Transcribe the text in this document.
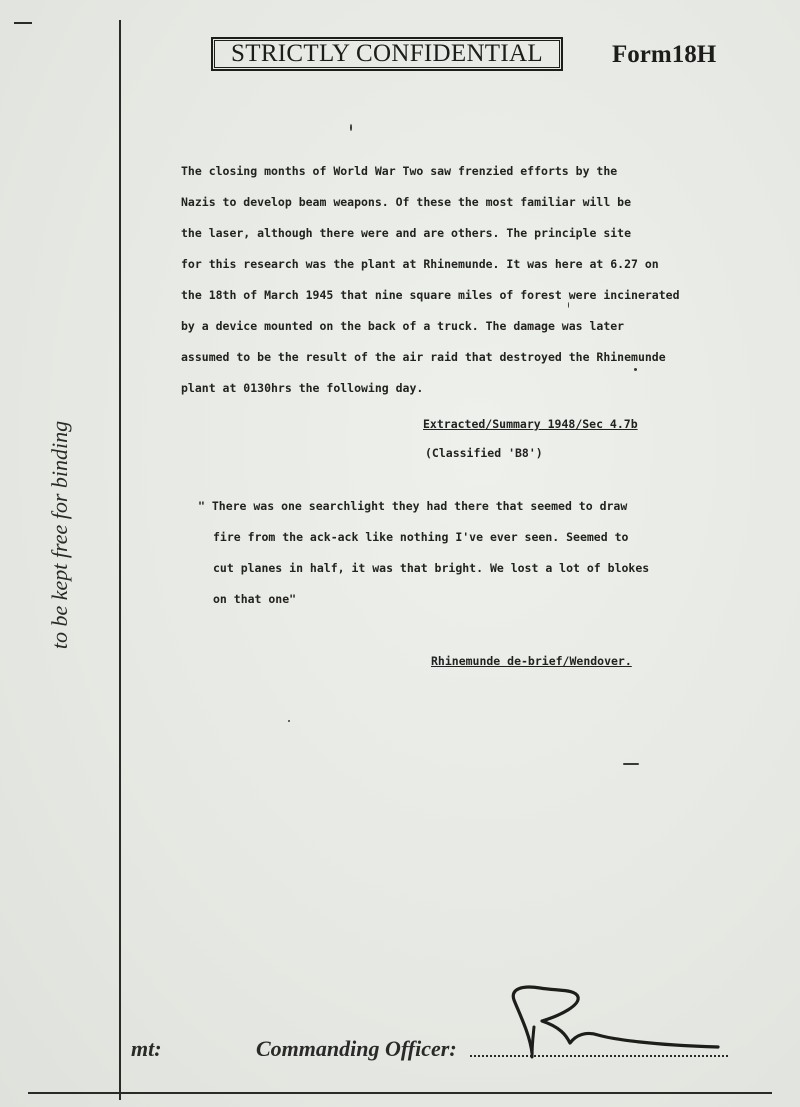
to be kept free for binding
STRICTLY CONFIDENTIAL	Form18H
The closing months of World War Two saw frenzied efforts by the
Nazis to develop beam weapons. Of these the most familiar will be
the laser, although there were and are others. The principle site
for this research was the plant at Rhinemunde. It was here at 6.27 on
the 18th of March 1945 that nine square miles of forest were incinerated
by a device mounted on the back of a truck. The damage was later
assumed to be the result of the air raid that destroyed the Rhinemunde
plant at 0130hrs the following day.
Extracted/Summary 1948/Sec 4.7b
(Classified 'B8')
" There was one searchlight they had there that seemed to draw
fire from the ack-ack like nothing I've ever seen. Seemed to
cut planes in half, it was that bright. We lost a lot of blokes
on that one"
Rhinemunde de-brief/Wendover.
mt:	Commanding Officer:
